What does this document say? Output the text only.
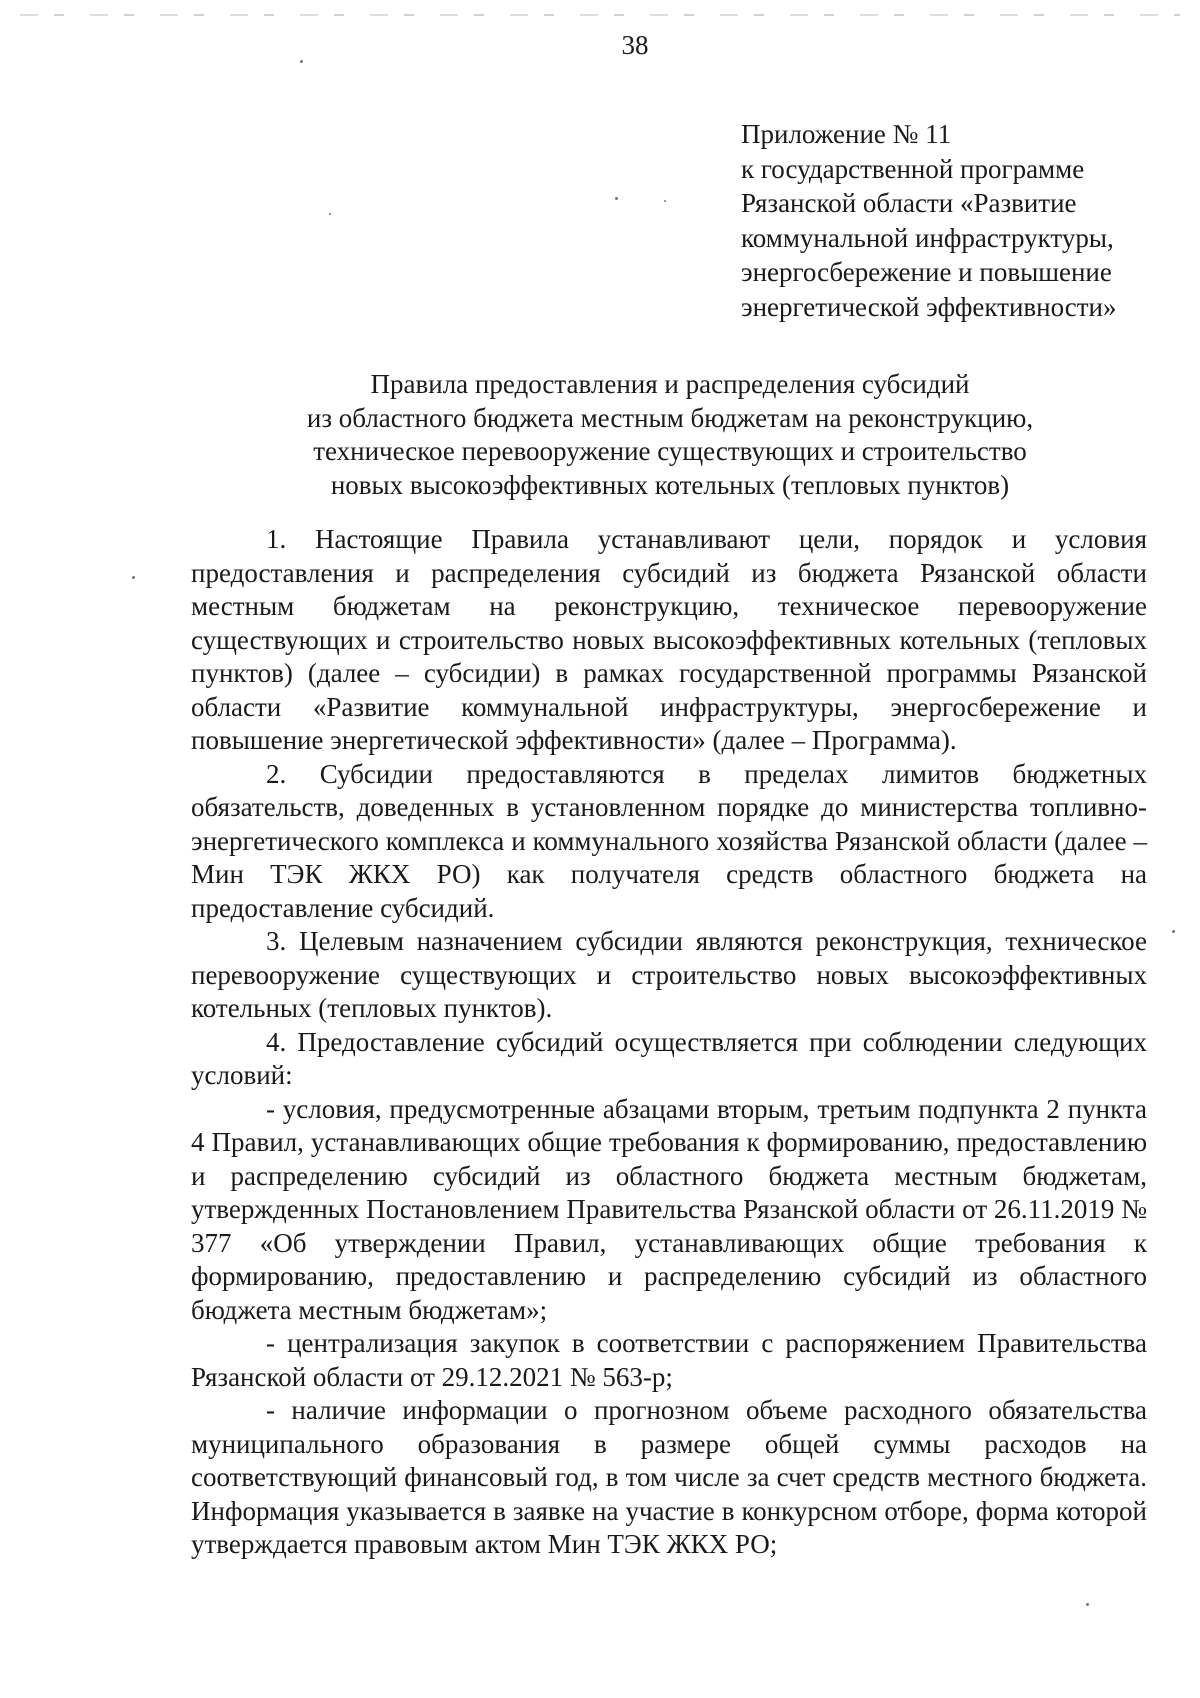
38
Приложение № 11
к государственной программе
Рязанской области «Развитие
коммунальной инфраструктуры,
энергосбережение и повышение
энергетической эффективности»
Правила предоставления и распределения субсидий
из областного бюджета местным бюджетам на реконструкцию,
техническое перевооружение существующих и строительство
новых высокоэффективных котельных (тепловых пунктов)

1. Настоящие Правила устанавливают цели, порядок и условия предоставления и распределения субсидий из бюджета Рязанской области местным бюджетам на реконструкцию, техническое перевооружение существующих и строительство новых высокоэффективных котельных (тепловых пунктов) (далее – субсидии) в рамках государственной программы Рязанской области «Развитие коммунальной инфраструктуры, энергосбережение и повышение энергетической эффективности» (далее – Программа).

2. Субсидии предоставляются в пределах лимитов бюджетных обязательств, доведенных в установленном порядке до министерства топливно-энергетического комплекса и коммунального хозяйства Рязанской области (далее – Мин ТЭК ЖКХ РО) как получателя средств областного бюджета на предоставление субсидий.

3. Целевым назначением субсидии являются реконструкция, техническое перевооружение существующих и строительство новых высокоэффективных котельных (тепловых пунктов).

4. Предоставление субсидий осуществляется при соблюдении следующих условий:

- условия, предусмотренные абзацами вторым, третьим подпункта 2 пункта 4 Правил, устанавливающих общие требования к формированию, предоставлению и распределению субсидий из областного бюджета местным бюджетам, утвержденных Постановлением Правительства Рязанской области от 26.11.2019 № 377 «Об утверждении Правил, устанавливающих общие требования к формированию, предоставлению и распределению субсидий из областного бюджета местным бюджетам»;

- централизация закупок в соответствии с распоряжением Правительства Рязанской области от 29.12.2021 № 563-р;

- наличие информации о прогнозном объеме расходного обязательства муниципального образования в размере общей суммы расходов на соответствующий финансовый год, в том числе за счет средств местного бюджета. Информация указывается в заявке на участие в конкурсном отборе, форма которой утверждается правовым актом Мин ТЭК ЖКХ РО;
